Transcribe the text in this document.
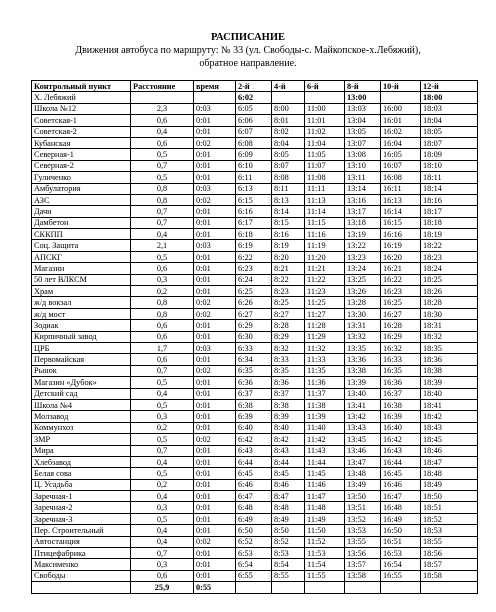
РАСПИСАНИЕ
Движения автобуса по маршруту: № 33 (ул. Свободы-с. Майкопское-х.Лебяжий),
обратное направление.
Контрольный пункт	Расстояние	время	2-й	4-й	6-й	8-й	10-й	12-й
Х. Лебяжий			6:02			13:00		18:00
Школа №12	2,3	0:03	6:05	8:00	11:00	13:03	16:00	18:03
Советская-1	0,6	0:01	6:06	8:01	11:01	13:04	16:01	18:04
Советская-2	0,4	0:01	6:07	8:02	11:02	13:05	16:02	18:05
Кубанская	0,6	0:02	6:08	8:04	11:04	13:07	16:04	18:07
Северная-1	0,5	0:01	6:09	8:05	11:05	13:08	16:05	18:09
Северная-2	0,7	0:01	6:10	8:07	11:07	13:10	16:07	18:10
Гуличенко	0,5	0:01	6:11	8:08	11:08	13:11	16:08	18:11
Амбулатория	0,8	0:03	6:13	8:11	11:11	13:14	16:11	18:14
АЗС	0,8	0:02	6:15	8:13	11:13	13:16	16:13	18:16
Дачи	0,7	0:01	6:16	8:14	11:14	13:17	16:14	18:17
Дамбетон	0,7	0:01	6:17	8:15	11:15	13:18	16:15	18:18
СККПП	0,4	0:01	6:18	8:16	11:16	13:19	16:16	18:19
Соц. Защита	2,1	0:03	6:19	8:19	11:19	13:22	16:19	18:22
АПСКГ	0,5	0:01	6:22	8:20	11:20	13:23	16:20	18:23
Магазин	0,6	0:01	6:23	8:21	11:21	13:24	16:21	18:24
50 лет ВЛКСМ	0,3	0:01	6:24	8:22	11:22	13:25	16:22	18:25
Храм	0,2	0:01	6:25	8:23	11:23	13:26	16:23	18:26
ж/д вокзал	0,8	0:02	6:26	8:25	11:25	13:28	16:25	18:28
ж/д мост	0,8	0:02	6:27	8:27	11:27	13:30	16:27	18:30
Зодиак	0,6	0:01	6:29	8:28	11:28	13:31	16:28	18:31
Кирпичный завод	0,6	0:01	6:30	8:29	11:29	13:32	16:29	18:32
ЦРБ	1,7	0:03	6:33	8:32	11:32	13:35	16:32	18:35
Первомайская	0,6	0:01	6:34	8:33	11:33	13:36	16:33	18:36
Рынок	0,7	0:02	6:35	8:35	11:35	13:38	16:35	18:38
Магазин «Дубок»	0,5	0:01	6:36	8:36	11:36	13:39	16:36	18:39
Детский сад	0,4	0:01	6:37	8:37	11:37	13:40	16:37	18:40
Школа №4	0,5	0:01	6:38	8:38	11:38	13:41	16:38	18:41
Молзавод	0,3	0:01	6:39	8:39	11:39	13:42	16:39	18:42
Коммунхоз	0,2	0:01	6:40	8:40	11:40	13:43	16:40	18:43
ЗМР	0,5	0:02	6:42	8:42	11:42	13:45	16:42	18:45
Мира	0,7	0:01	6:43	8:43	11:43	13:46	16:43	18:46
Хлебзавод	0,4	0:01	6:44	8:44	11:44	13:47	16:44	18:47
Белая сова	0,5	0:01	6:45	8:45	11:45	13:48	16:45	18:48
Ц. Усадьба	0,2	0:01	6:46	8:46	11:46	13:49	16:46	18:49
Заречная-1	0,4	0:01	6:47	8:47	11:47	13:50	16:47	18:50
Заречная-2	0,3	0:01	6:48	8:48	11:48	13:51	16:48	18:51
Заречная-3	0,5	0:01	6:49	8:49	11:49	13:52	16:49	18:52
Пер. Строительный	0,4	0:01	6:50	8:50	11:50	13:53	16:50	18:53
Автостанция	0,4	0:02	6:52	8:52	11:52	13:55	16:51	18:55
Птицефабрика	0,7	0:01	6:53	8:53	11:53	13:56	16:53	18:56
Максименко	0,3	0:01	6:54	8:54	11:54	13:57	16:54	18:57
Свободы	0,6	0:01	6:55	8:55	11:55	13:58	16:55	18:58
	25,9	0:55						
